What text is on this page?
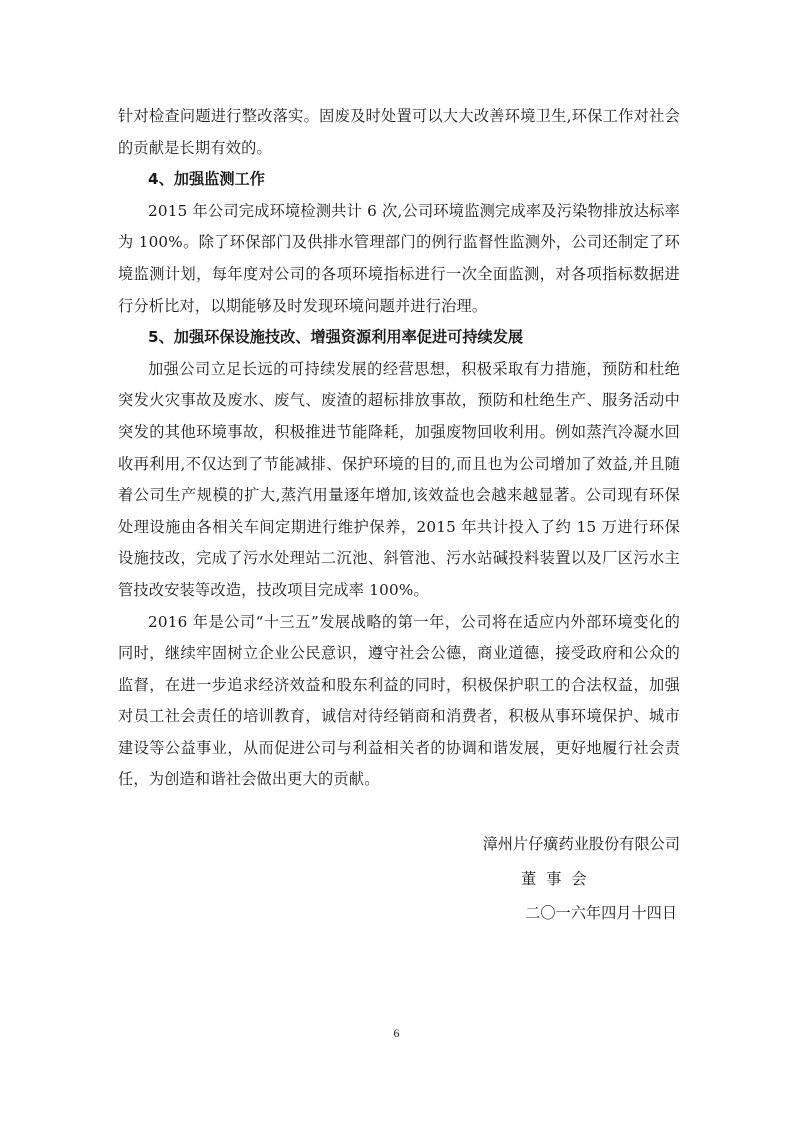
针对检查问题进行整改落实。固废及时处置可以大大改善环境卫生,环保工作对社会的贡献是长期有效的。

4、加强监测工作

2015 年公司完成环境检测共计 6 次,公司环境监测完成率及污染物排放达标率为 100%。除了环保部门及供排水管理部门的例行监督性监测外，公司还制定了环境监测计划，每年度对公司的各项环境指标进行一次全面监测，对各项指标数据进行分析比对，以期能够及时发现环境问题并进行治理。

5、加强环保设施技改、增强资源利用率促进可持续发展

加强公司立足长远的可持续发展的经营思想，积极采取有力措施，预防和杜绝突发火灾事故及废水、废气、废渣的超标排放事故，预防和杜绝生产、服务活动中突发的其他环境事故，积极推进节能降耗，加强废物回收利用。例如蒸汽冷凝水回收再利用,不仅达到了节能减排、保护环境的目的,而且也为公司增加了效益,并且随着公司生产规模的扩大,蒸汽用量逐年增加,该效益也会越来越显著。公司现有环保处理设施由各相关车间定期进行维护保养，2015 年共计投入了约 15 万进行环保设施技改，完成了污水处理站二沉池、斜管池、污水站碱投料装置以及厂区污水主管技改安装等改造，技改项目完成率 100%。

2016 年是公司“十三五”发展战略的第一年，公司将在适应内外部环境变化的同时，继续牢固树立企业公民意识，遵守社会公德，商业道德，接受政府和公众的监督，在进一步追求经济效益和股东利益的同时，积极保护职工的合法权益，加强对员工社会责任的培训教育，诚信对待经销商和消费者，积极从事环境保护、城市建设等公益事业，从而促进公司与利益相关者的协调和谐发展，更好地履行社会责任，为创造和谐社会做出更大的贡献。

漳州片仔癀药业股份有限公司
董事会
二〇一六年四月十四日
6
